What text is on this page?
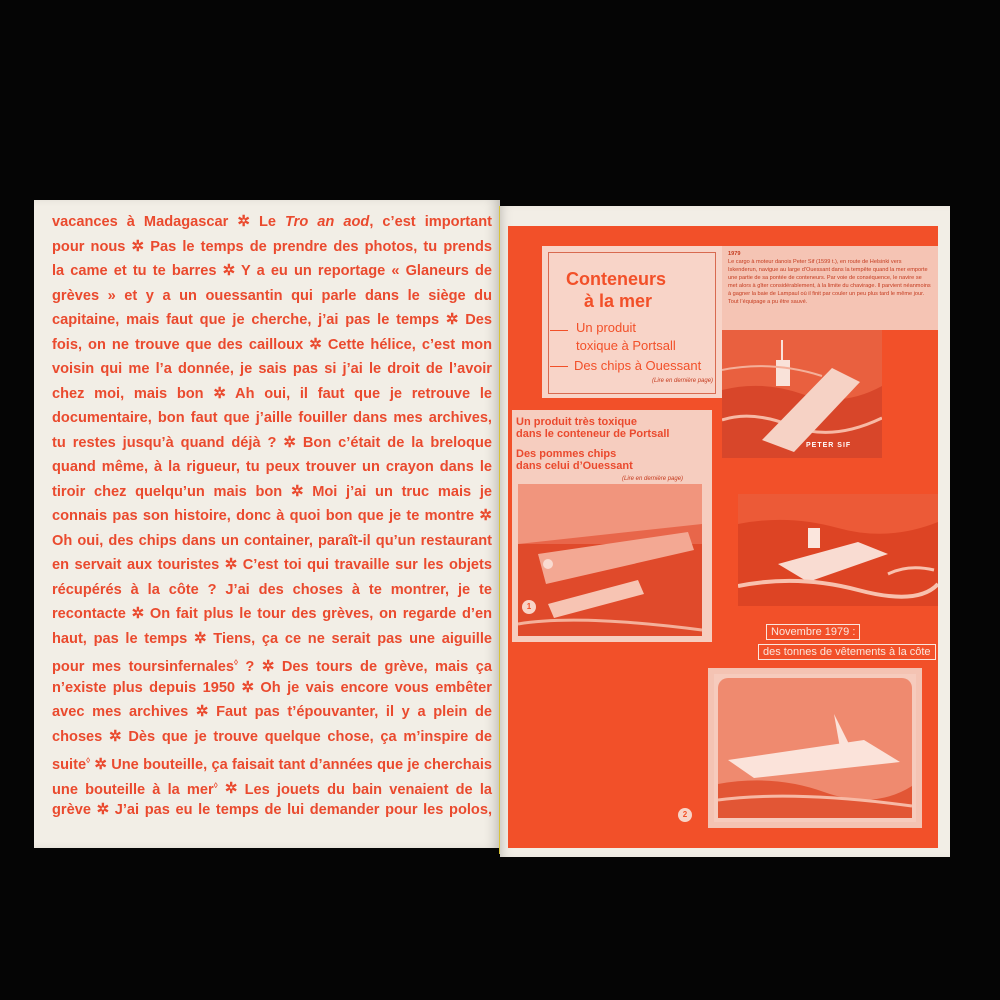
vacances à Madagascar ✲ Le Tro an aod, c’est important
pour nous ✲ Pas le temps de prendre des photos, tu prends
la came et tu te barres ✲ Y a eu un reportage « Glaneurs de
grèves » et y a un ouessantin qui parle dans le siège du
capitaine, mais faut que je cherche, j’ai pas le temps ✲ Des
fois, on ne trouve que des cailloux ✲ Cette hélice, c’est mon
voisin qui me l’a donnée, je sais pas si j’ai le droit de l’avoir
chez moi, mais bon ✲ Ah oui, il faut que je retrouve le
documentaire, bon faut que j’aille fouiller dans mes archives,
tu restes jusqu’à quand déjà ? ✲ Bon c’était de la breloque
quand même, à la rigueur, tu peux trouver un crayon dans le
tiroir chez quelqu’un mais bon ✲ Moi j’ai un truc mais je
connais pas son histoire, donc à quoi bon que je te montre ✲
Oh oui, des chips dans un container, paraît-il qu’un restaurant
en servait aux touristes ✲ C’est toi qui travaille sur les objets
récupérés à la côte ? J’ai des choses à te montrer, je te
recontacte ✲ On fait plus le tour des grèves, on regarde d’en
haut, pas le temps ✲ Tiens, ça ce ne serait pas une aiguille
pour mes toursinfernales◊ ? ✲ Des tours de grève, mais ça
n’existe plus depuis 1950 ✲ Oh je vais encore vous embêter
avec mes archives ✲ Faut pas t’épouvanter, il y a plein de
choses ✲ Dès que je trouve quelque chose, ça m’inspire de
suite◊ ✲ Une bouteille, ça faisait tant d’années que je cherchais
une bouteille à la mer◊ ✲ Les jouets du bain venaient de la
grève ✲ J’ai pas eu le temps de lui demander pour les polos,
Conteneurs
à la mer
Un produit
toxique à Portsall
Des chips à Ouessant
(Lire en dernière page)
1979
Le cargo à moteur danois Peter Sif (1599 t.), en route de Helsinki vers Iskenderun, naviguе au large d’Ouessant dans la tempête quand la mer emporte une partie de sa pontée de conteneurs. Par voie de conséquence, le navire se met alors à gîter considérablement, à la limite du chavirage. Il parvient néanmoins à gagner la baie de Lampaul où il finit par couler un peu plus tard le même jour. Tout l’équipage a pu être sauvé.
PETER SIF
Un produit très toxique
dans le conteneur de Portsall
Des pommes chips
dans celui d’Ouessant
(Lire en dernière page)
1
Novembre 1979 :
des tonnes de vêtements à la côte
2
